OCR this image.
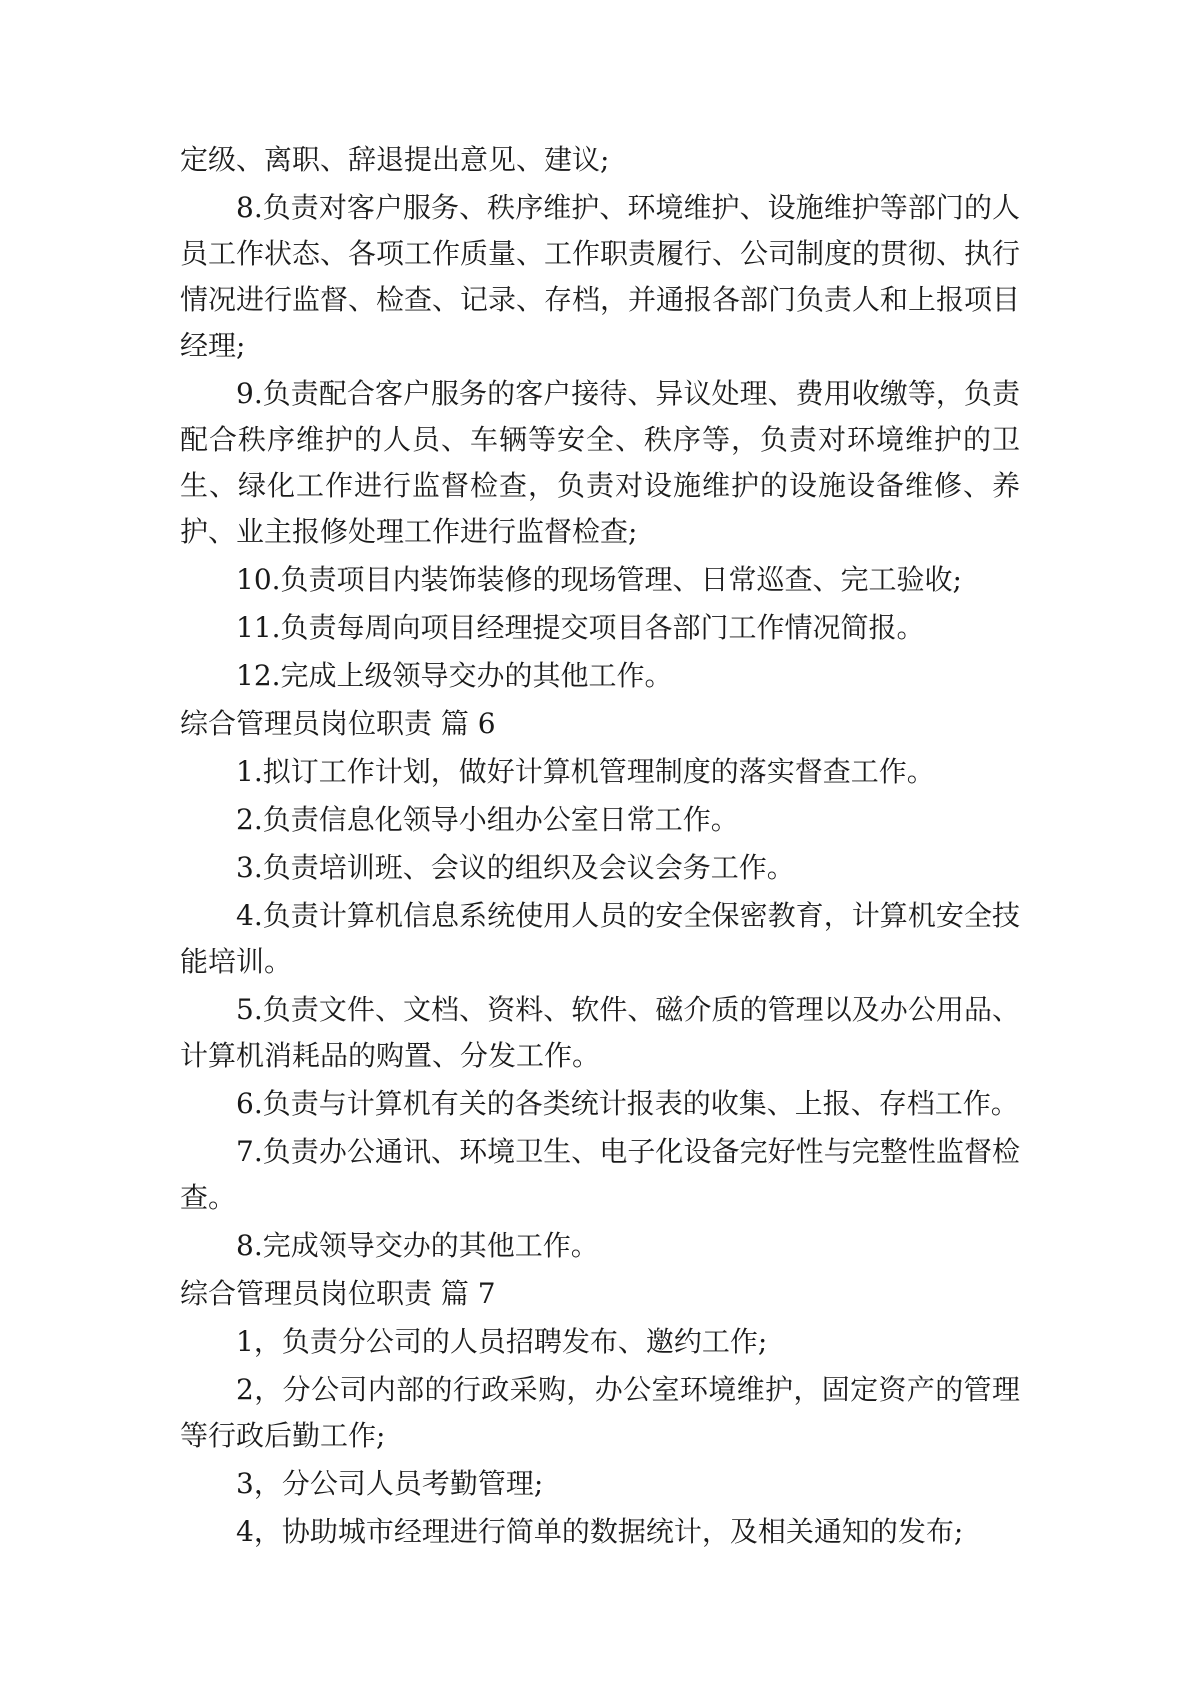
定级、离职、辞退提出意见、建议;

8.负责对客户服务、秩序维护、环境维护、设施维护等部门的人员工作状态、各项工作质量、工作职责履行、公司制度的贯彻、执行情况进行监督、检查、记录、存档，并通报各部门负责人和上报项目经理;

9.负责配合客户服务的客户接待、异议处理、费用收缴等，负责配合秩序维护的人员、车辆等安全、秩序等，负责对环境维护的卫生、绿化工作进行监督检查，负责对设施维护的设施设备维修、养护、业主报修处理工作进行监督检查;

10.负责项目内装饰装修的现场管理、日常巡查、完工验收;

11.负责每周向项目经理提交项目各部门工作情况简报。

12.完成上级领导交办的其他工作。

综合管理员岗位职责 篇 6

1.拟订工作计划，做好计算机管理制度的落实督查工作。

2.负责信息化领导小组办公室日常工作。

3.负责培训班、会议的组织及会议会务工作。

4.负责计算机信息系统使用人员的安全保密教育，计算机安全技能培训。

5.负责文件、文档、资料、软件、磁介质的管理以及办公用品、计算机消耗品的购置、分发工作。

6.负责与计算机有关的各类统计报表的收集、上报、存档工作。

7.负责办公通讯、环境卫生、电子化设备完好性与完整性监督检查。

8.完成领导交办的其他工作。

综合管理员岗位职责 篇 7

1，负责分公司的人员招聘发布、邀约工作;

2，分公司内部的行政采购，办公室环境维护，固定资产的管理等行政后勤工作;

3，分公司人员考勤管理;

4，协助城市经理进行简单的数据统计，及相关通知的发布;
